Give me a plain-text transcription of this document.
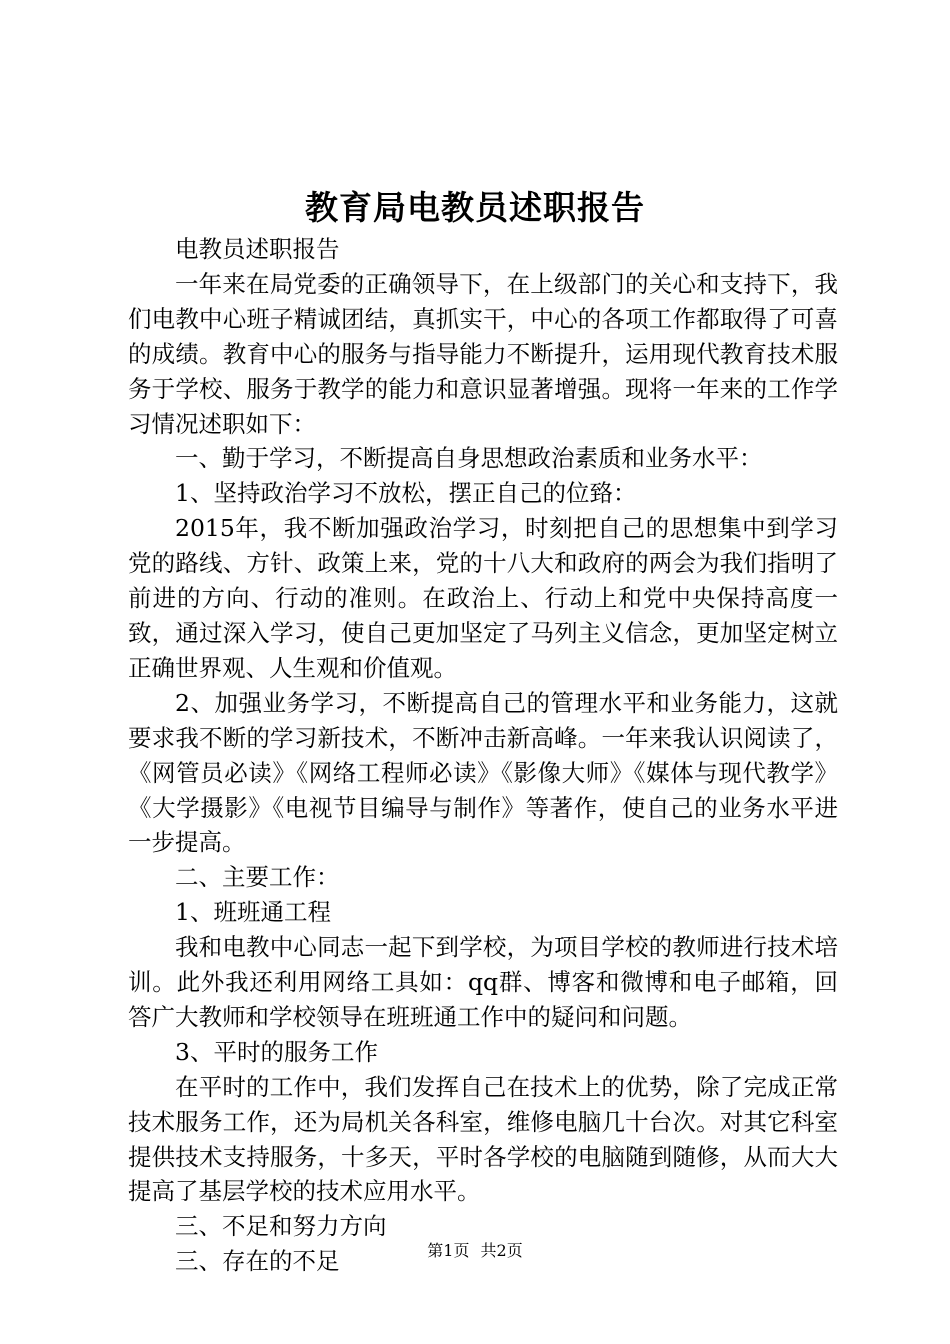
教育局电教员述职报告

电教员述职报告

一年来在局党委的正确领导下，在上级部门的关心和支持下，我们电教中心班子精诚团结，真抓实干，中心的各项工作都取得了可喜的成绩。教育中心的服务与指导能力不断提升，运用现代教育技术服务于学校、服务于教学的能力和意识显著增强。现将一年来的工作学习情况述职如下：

一、勤于学习，不断提高自身思想政治素质和业务水平：

1、坚持政治学习不放松，摆正自己的位臵：

2015年，我不断加强政治学习，时刻把自己的思想集中到学习党的路线、方针、政策上来，党的十八大和政府的两会为我们指明了前进的方向、行动的准则。在政治上、行动上和党中央保持高度一致，通过深入学习，使自己更加坚定了马列主义信念，更加坚定树立正确世界观、人生观和价值观。

2、加强业务学习，不断提高自己的管理水平和业务能力，这就要求我不断的学习新技术，不断冲击新高峰。一年来我认识阅读了，《网管员必读》《网络工程师必读》《影像大师》《媒体与现代教学》《大学摄影》《电视节目编导与制作》等著作，使自己的业务水平进一步提高。

二、主要工作：

1、班班通工程

我和电教中心同志一起下到学校，为项目学校的教师进行技术培训。此外我还利用网络工具如：qq群、博客和微博和电子邮箱，回答广大教师和学校领导在班班通工作中的疑问和问题。

3、平时的服务工作

在平时的工作中，我们发挥自己在技术上的优势，除了完成正常技术服务工作，还为局机关各科室，维修电脑几十台次。对其它科室提供技术支持服务，十多天，平时各学校的电脑随到随修，从而大大提高了基层学校的技术应用水平。

三、不足和努力方向

三、存在的不足	第1页 共2页
